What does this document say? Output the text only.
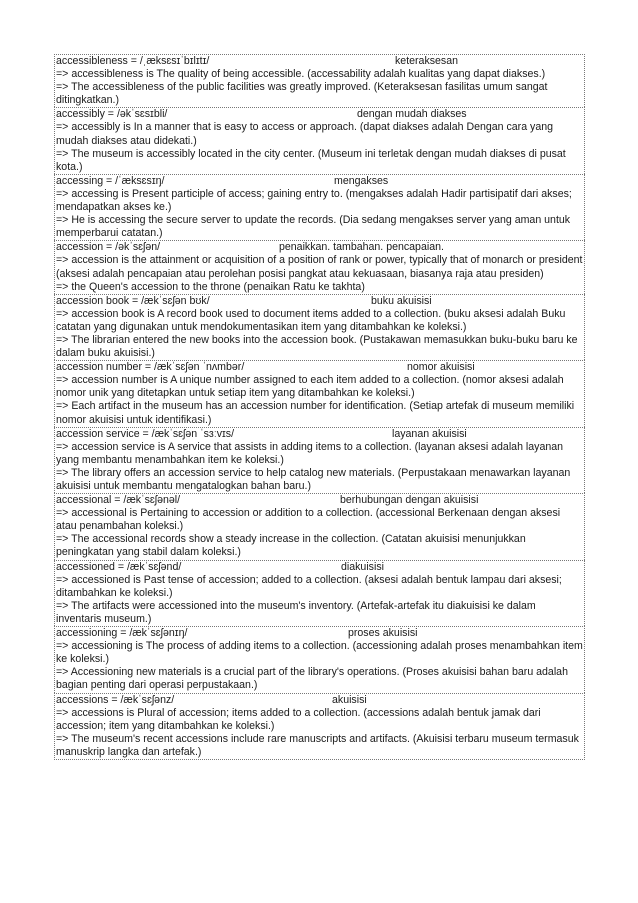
accessibleness = /ˌæksɛsɪˈbɪlɪtɪ/	keteraksesan
=> accessibleness is The quality of being accessible. (accessability adalah kualitas yang dapat diakses.)
=> The accessibleness of the public facilities was greatly improved. (Keteraksesan fasilitas umum sangat ditingkatkan.)
accessibly = /əkˈsɛsɪbli/	dengan mudah diakses
=> accessibly is In a manner that is easy to access or approach. (dapat diakses adalah Dengan cara yang mudah diakses atau didekati.)
=> The museum is accessibly located in the city center. (Museum ini terletak dengan mudah diakses di pusat kota.)
accessing = /ˈæksɛsɪŋ/	mengakses
=> accessing is Present participle of access; gaining entry to. (mengakses adalah Hadir partisipatif dari akses; mendapatkan akses ke.)
=> He is accessing the secure server to update the records. (Dia sedang mengakses server yang aman untuk memperbarui catatan.)
accession = /əkˈsɛʃən/	penaikkan. tambahan. pencapaian.
=> accession is the attainment or acquisition of a position of rank or power, typically that of monarch or president (aksesi adalah pencapaian atau perolehan posisi pangkat atau kekuasaan, biasanya raja atau presiden)
=> the Queen's accession to the throne (penaikan Ratu ke takhta)
accession book = /ækˈsɛʃən bʊk/	buku akuisisi
=> accession book is A record book used to document items added to a collection. (buku aksesi adalah Buku catatan yang digunakan untuk mendokumentasikan item yang ditambahkan ke koleksi.)
=> The librarian entered the new books into the accession book. (Pustakawan memasukkan buku-buku baru ke dalam buku akuisisi.)
accession number = /ækˈsɛʃən ˈnʌmbər/	nomor akuisisi
=> accession number is A unique number assigned to each item added to a collection. (nomor aksesi adalah nomor unik yang ditetapkan untuk setiap item yang ditambahkan ke koleksi.)
=> Each artifact in the museum has an accession number for identification. (Setiap artefak di museum memiliki nomor akuisisi untuk identifikasi.)
accession service = /ækˈsɛʃən ˈsɜːvɪs/	layanan akuisisi
=> accession service is A service that assists in adding items to a collection. (layanan aksesi adalah layanan yang membantu menambahkan item ke koleksi.)
=> The library offers an accession service to help catalog new materials. (Perpustakaan menawarkan layanan akuisisi untuk membantu mengatalogkan bahan baru.)
accessional = /ækˈsɛʃənəl/	berhubungan dengan akuisisi
=> accessional is Pertaining to accession or addition to a collection. (accessional Berkenaan dengan aksesi atau penambahan koleksi.)
=> The accessional records show a steady increase in the collection. (Catatan akuisisi menunjukkan peningkatan yang stabil dalam koleksi.)
accessioned = /ækˈsɛʃənd/	diakuisisi
=> accessioned is Past tense of accession; added to a collection. (aksesi adalah bentuk lampau dari aksesi; ditambahkan ke koleksi.)
=> The artifacts were accessioned into the museum's inventory. (Artefak-artefak itu diakuisisi ke dalam inventaris museum.)
accessioning = /ækˈsɛʃənɪŋ/	proses akuisisi
=> accessioning is The process of adding items to a collection. (accessioning adalah proses menambahkan item ke koleksi.)
=> Accessioning new materials is a crucial part of the library's operations. (Proses akuisisi bahan baru adalah bagian penting dari operasi perpustakaan.)
accessions = /ækˈsɛʃənz/	akuisisi
=> accessions is Plural of accession; items added to a collection. (accessions adalah bentuk jamak dari accession; item yang ditambahkan ke koleksi.)
=> The museum's recent accessions include rare manuscripts and artifacts. (Akuisisi terbaru museum termasuk manuskrip langka dan artefak.)
